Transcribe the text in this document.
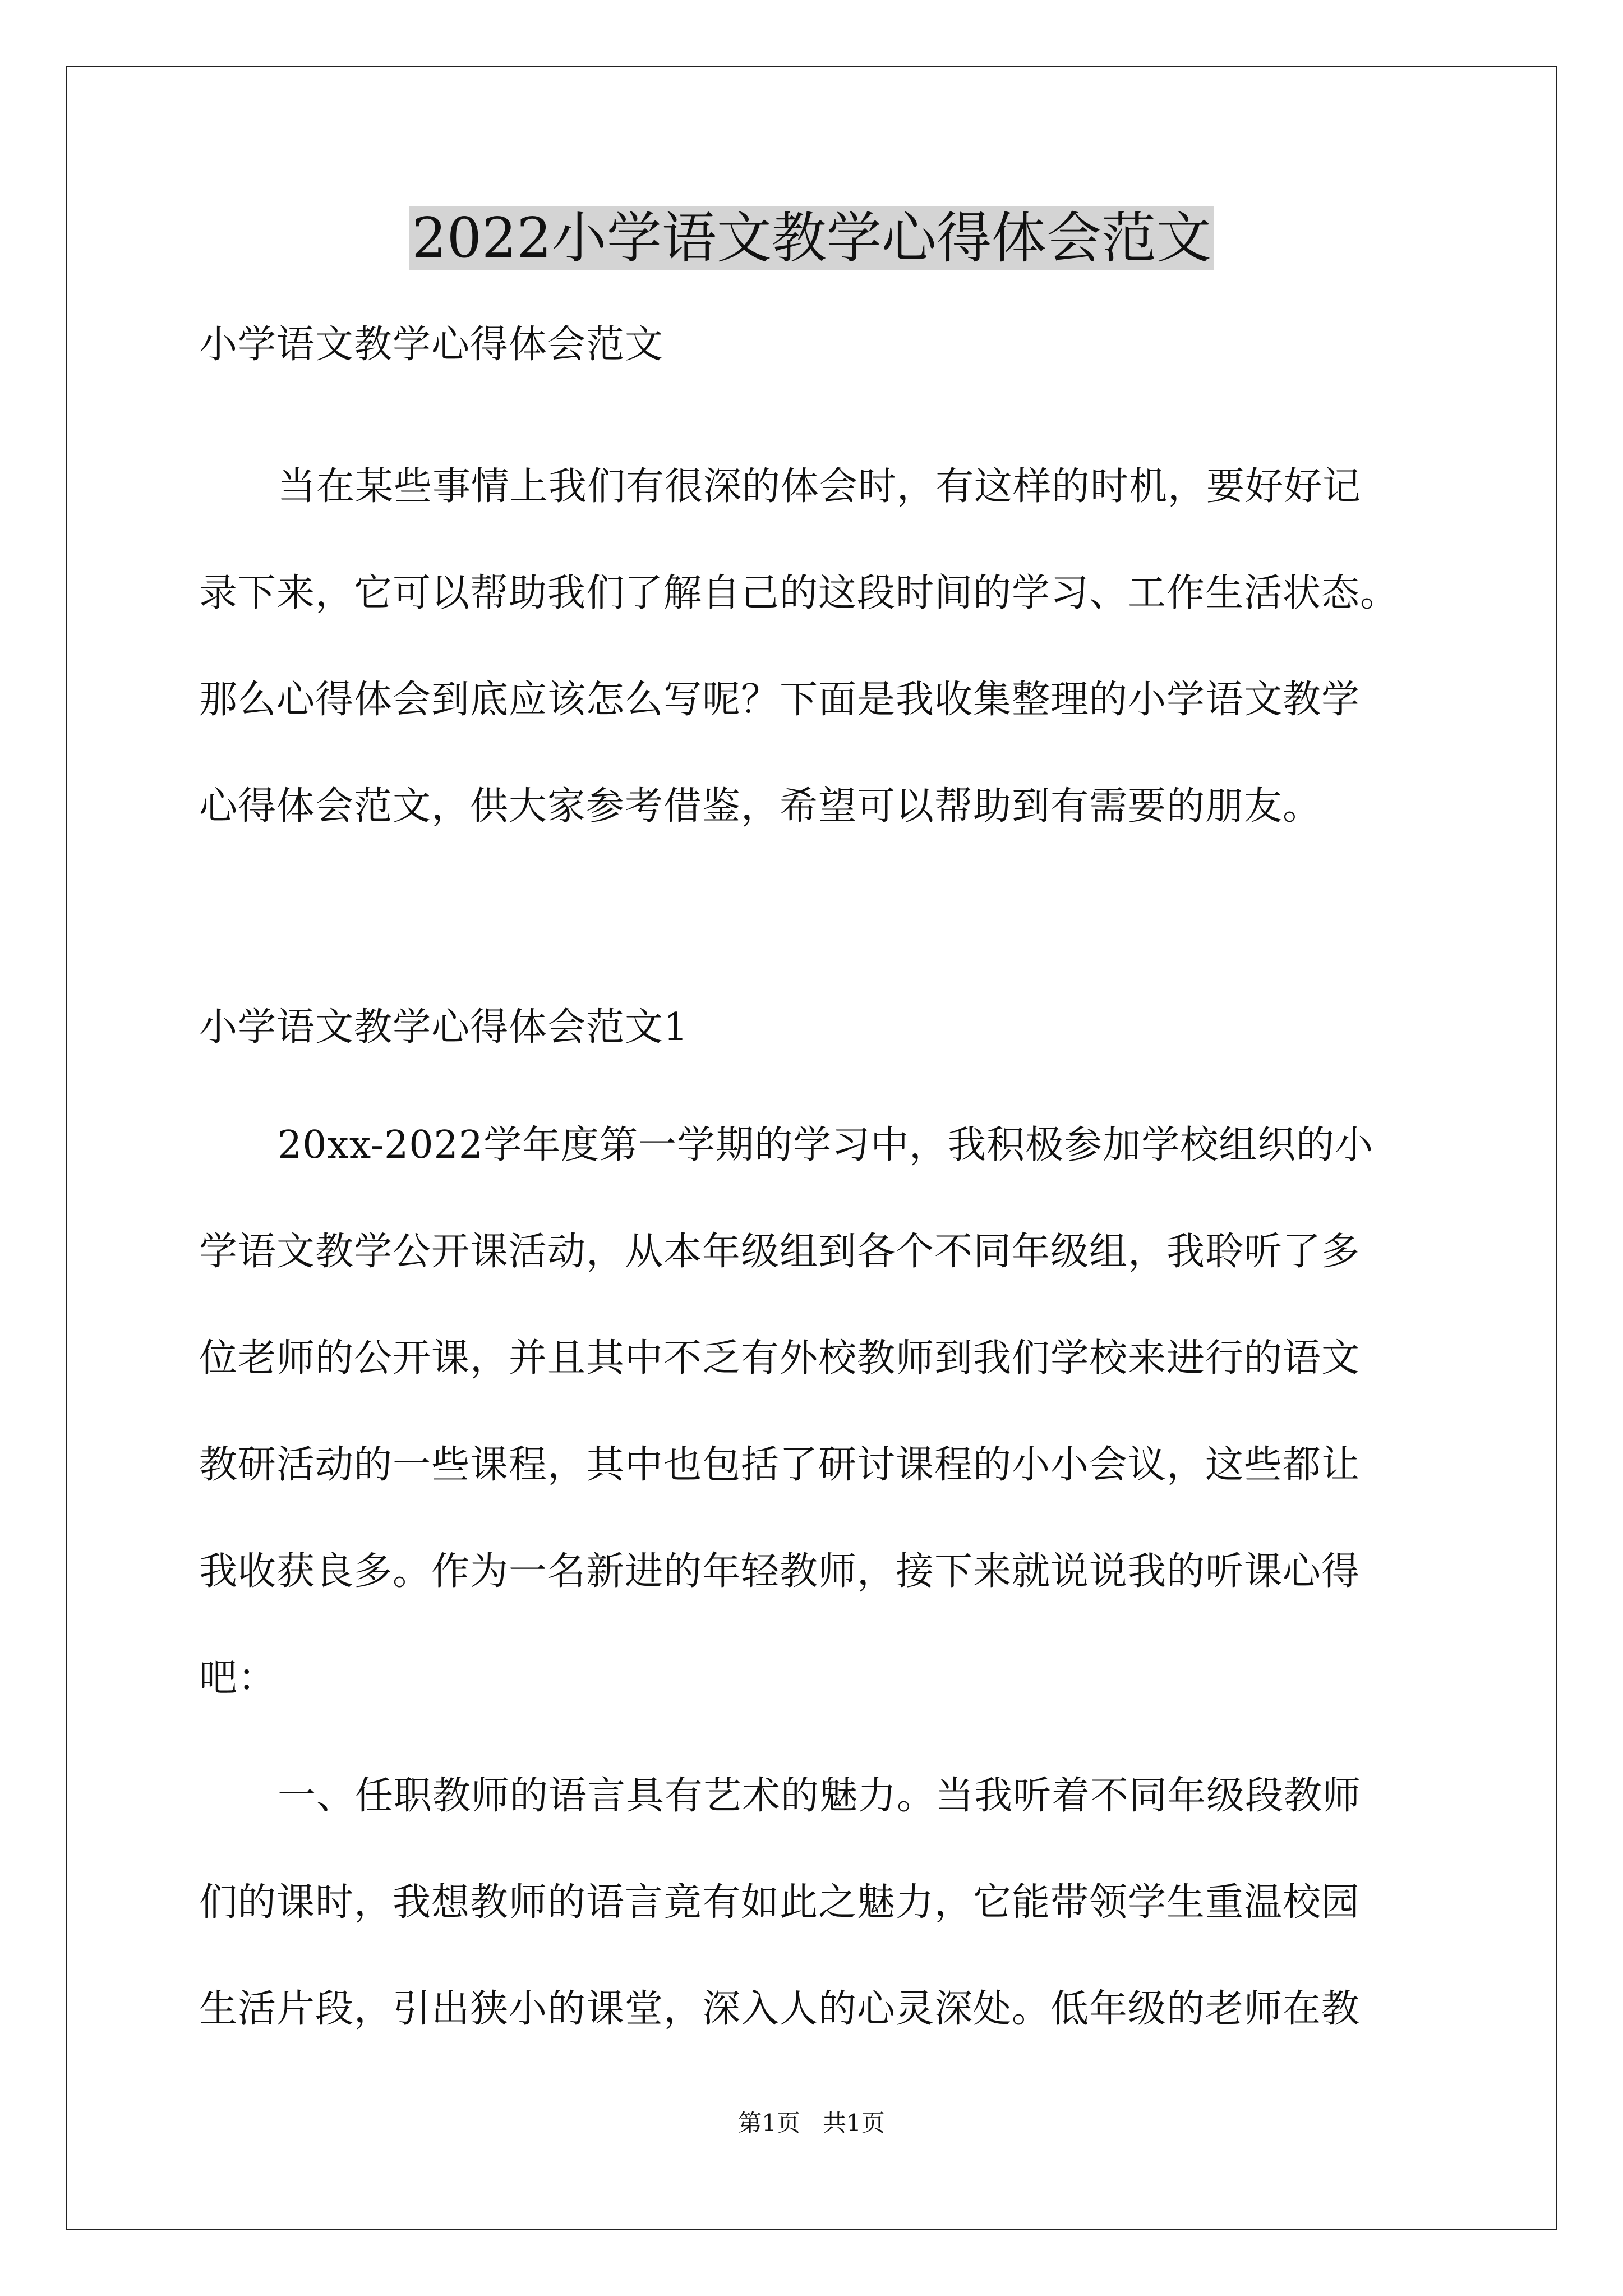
2022小学语文教学心得体会范文
小学语文教学心得体会范文
当在某些事情上我们有很深的体会时，有这样的时机，要好好记
录下来，它可以帮助我们了解自己的这段时间的学习、工作生活状态。
那么心得体会到底应该怎么写呢？下面是我收集整理的小学语文教学
心得体会范文，供大家参考借鉴，希望可以帮助到有需要的朋友。
小学语文教学心得体会范文1
20xx-2022学年度第一学期的学习中，我积极参加学校组织的小
学语文教学公开课活动，从本年级组到各个不同年级组，我聆听了多
位老师的公开课，并且其中不乏有外校教师到我们学校来进行的语文
教研活动的一些课程，其中也包括了研讨课程的小小会议，这些都让
我收获良多。作为一名新进的年轻教师，接下来就说说我的听课心得
吧：
一、任职教师的语言具有艺术的魅力。当我听着不同年级段教师
们的课时，我想教师的语言竟有如此之魅力，它能带领学生重温校园
生活片段，引出狭小的课堂，深入人的心灵深处。低年级的老师在教
第1页   共1页
